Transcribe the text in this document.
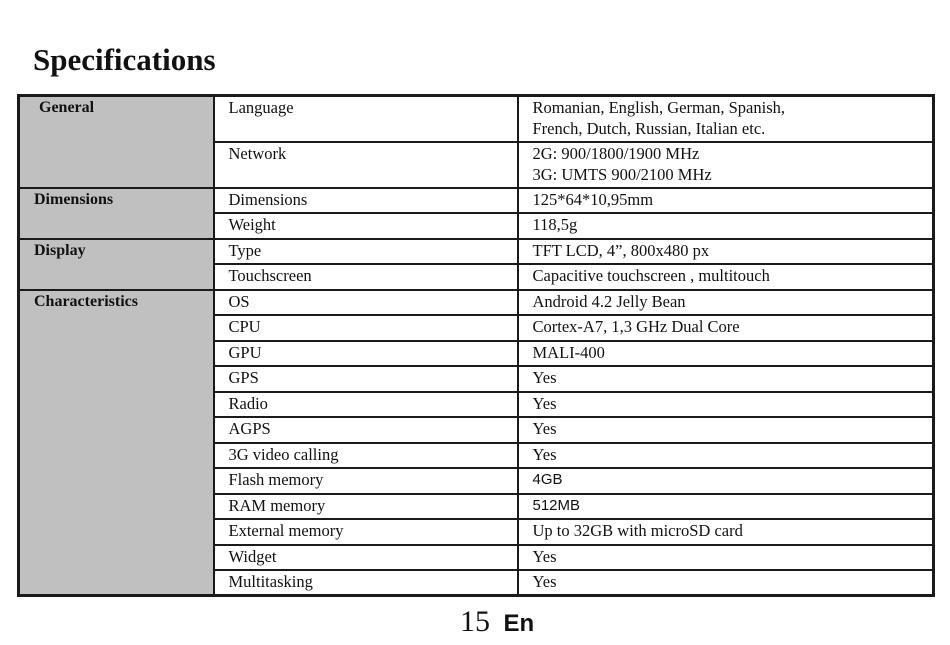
Specifications
General	Language	Romanian, English, German, Spanish,
French, Dutch, Russian, Italian etc.

	Network	2G: 900/1800/1900 MHz
3G: UMTS 900/2100 MHz

Dimensions	Dimensions	125*64*10,95mm
	Weight	118,5g
Display	Type	TFT LCD, 4”, 800x480 px
	Touchscreen	Capacitive touchscreen , multitouch
Characteristics	OS	Android 4.2 Jelly Bean
	CPU	Cortex-A7, 1,3 GHz Dual Core
	GPU	MALI-400
	GPS	Yes
	Radio	Yes
	AGPS	Yes
	3G video calling	Yes
	Flash memory	4GB
	RAM memory	512MB
	External memory	Up to 32GB with microSD card
	Widget	Yes
	Multitasking	Yes
15 En
